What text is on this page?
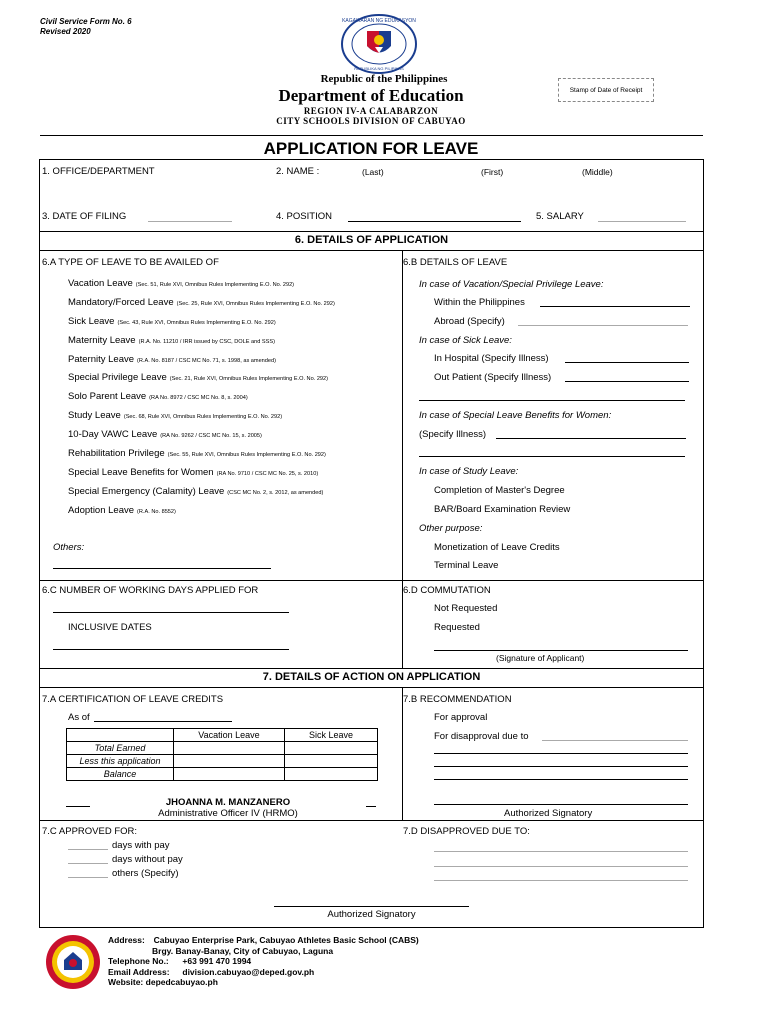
Civil Service Form No. 6
Revised 2020
KAGAWARAN NG EDUKASYON
REPUBLIKA NG PILIPINAS
Republic of the Philippines
Department of Education
REGION IV-A CALABARZON
CITY SCHOOLS DIVISION OF CABUYAO
Stamp of Date of Receipt
APPLICATION FOR LEAVE
1. OFFICE/DEPARTMENT	2. NAME :	(Last)	(First)	(Middle)
3. DATE OF FILING	4. POSITION	5. SALARY
6. DETAILS OF APPLICATION
6.A TYPE OF LEAVE TO BE AVAILED OF
Vacation Leave (Sec. 51, Rule XVI, Omnibus Rules Implementing E.O. No. 292)
Mandatory/Forced Leave (Sec. 25, Rule XVI, Omnibus Rules Implementing E.O. No. 292)
Sick Leave (Sec. 43, Rule XVI, Omnibus Rules Implementing E.O. No. 292)
Maternity Leave (R.A. No. 11210 / IRR issued by CSC, DOLE and SSS)
Paternity Leave (R.A. No. 8187 / CSC MC No. 71, s. 1998, as amended)
Special Privilege Leave (Sec. 21, Rule XVI, Omnibus Rules Implementing E.O. No. 292)
Solo Parent Leave (RA No. 8972 / CSC MC No. 8, s. 2004)
Study Leave (Sec. 68, Rule XVI, Omnibus Rules Implementing E.O. No. 292)
10-Day VAWC Leave (RA No. 9262 / CSC MC No. 15, s. 2005)
Rehabilitation Privilege (Sec. 55, Rule XVI, Omnibus Rules Implementing E.O. No. 292)
Special Leave Benefits for Women (RA No. 9710 / CSC MC No. 25, s. 2010)
Special Emergency (Calamity) Leave (CSC MC No. 2, s. 2012, as amended)
Adoption Leave (R.A. No. 8552)
Others:
6.B DETAILS OF LEAVE
In case of Vacation/Special Privilege Leave:
Within the Philippines
Abroad (Specify)
In case of Sick Leave:
In Hospital (Specify Illness)
Out Patient (Specify Illness)
In case of Special Leave Benefits for Women:
(Specify Illness)
In case of Study Leave:
Completion of Master's Degree
BAR/Board Examination Review
Other purpose:
Monetization of Leave Credits
Terminal Leave
6.C NUMBER OF WORKING DAYS APPLIED FOR
INCLUSIVE DATES
6.D COMMUTATION
Not Requested
Requested
(Signature of Applicant)
7. DETAILS OF ACTION ON APPLICATION
7.A CERTIFICATION OF LEAVE CREDITS
As of
	Vacation Leave	Sick Leave
Total Earned		
Less this application		
Balance		
JHOANNA M. MANZANERO
Administrative Officer IV (HRMO)
7.B RECOMMENDATION
For approval
For disapproval due to
Authorized Signatory
7.C APPROVED FOR:
days with pay
days without pay
others (Specify)
7.D DISAPPROVED DUE TO:
Authorized Signatory
Address: Cabuyao Enterprise Park, Cabuyao Athletes Basic School (CABS)
Brgy. Banay-Banay, City of Cabuyao, Laguna
Telephone No.: +63 991 470 1994
Email Address: division.cabuyao@deped.gov.ph
Website: depedcabuyao.ph
